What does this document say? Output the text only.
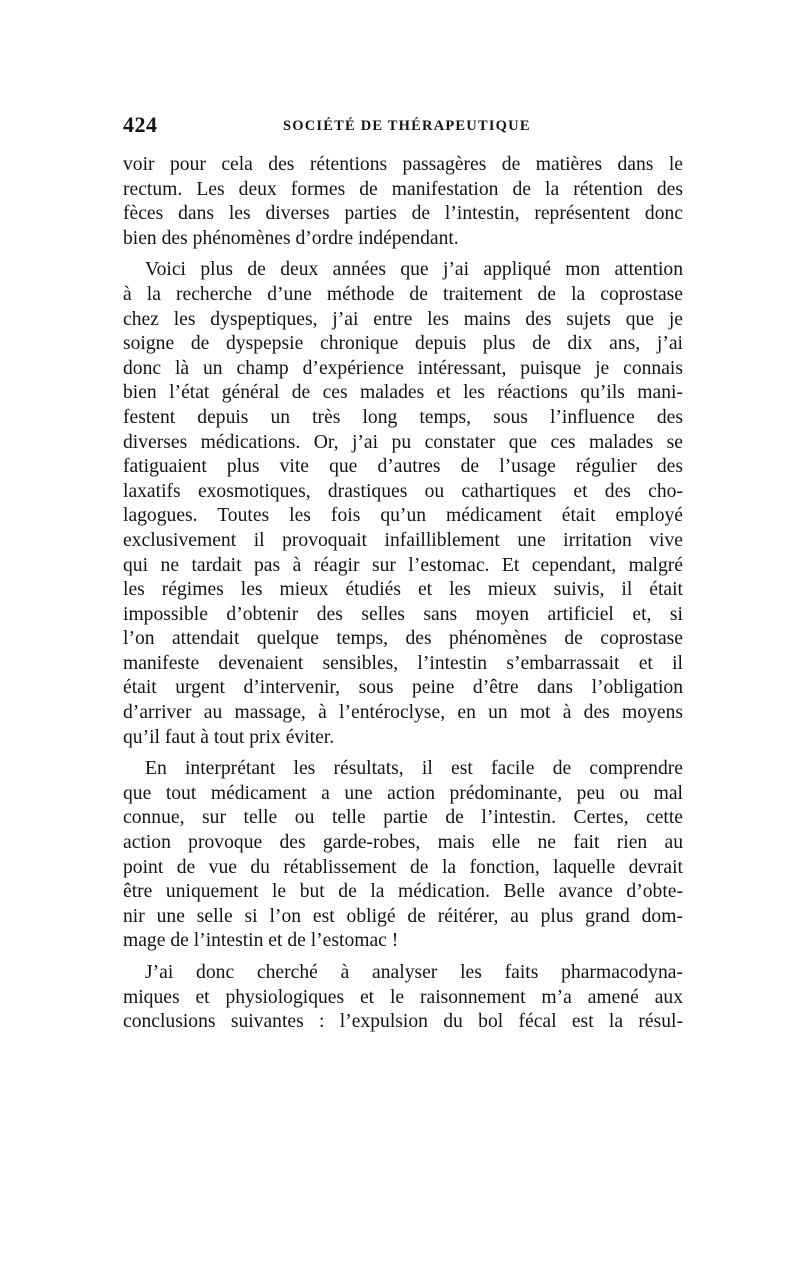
424	SOCIÉTÉ DE THÉRAPEUTIQUE
voir pour cela des rétentions passagères de matières dans le
rectum. Les deux formes de manifestation de la rétention des
fèces dans les diverses parties de l’intestin, représentent donc
bien des phénomènes d’ordre indépendant.
Voici plus de deux années que j’ai appliqué mon attention
à la recherche d’une méthode de traitement de la coprostase
chez les dyspeptiques, j’ai entre les mains des sujets que je
soigne de dyspepsie chronique depuis plus de dix ans, j’ai
donc là un champ d’expérience intéressant, puisque je connais
bien l’état général de ces malades et les réactions qu’ils mani-
festent depuis un très long temps, sous l’influence des
diverses médications. Or, j’ai pu constater que ces malades se
fatiguaient plus vite que d’autres de l’usage régulier des
laxatifs exosmotiques, drastiques ou cathartiques et des cho-
lagogues. Toutes les fois qu’un médicament était employé
exclusivement il provoquait infailliblement une irritation vive
qui ne tardait pas à réagir sur l’estomac. Et cependant, malgré
les régimes les mieux étudiés et les mieux suivis, il était
impossible d’obtenir des selles sans moyen artificiel et, si
l’on attendait quelque temps, des phénomènes de coprostase
manifeste devenaient sensibles, l’intestin s’embarrassait et il
était urgent d’intervenir, sous peine d’être dans l’obligation
d’arriver au massage, à l’entéroclyse, en un mot à des moyens
qu’il faut à tout prix éviter.
En interprétant les résultats, il est facile de comprendre
que tout médicament a une action prédominante, peu ou mal
connue, sur telle ou telle partie de l’intestin. Certes, cette
action provoque des garde-robes, mais elle ne fait rien au
point de vue du rétablissement de la fonction, laquelle devrait
être uniquement le but de la médication. Belle avance d’obte-
nir une selle si l’on est obligé de réitérer, au plus grand dom-
mage de l’intestin et de l’estomac !
J’ai donc cherché à analyser les faits pharmacodyna-
miques et physiologiques et le raisonnement m’a amené aux
conclusions suivantes : l’expulsion du bol fécal est la résul-
